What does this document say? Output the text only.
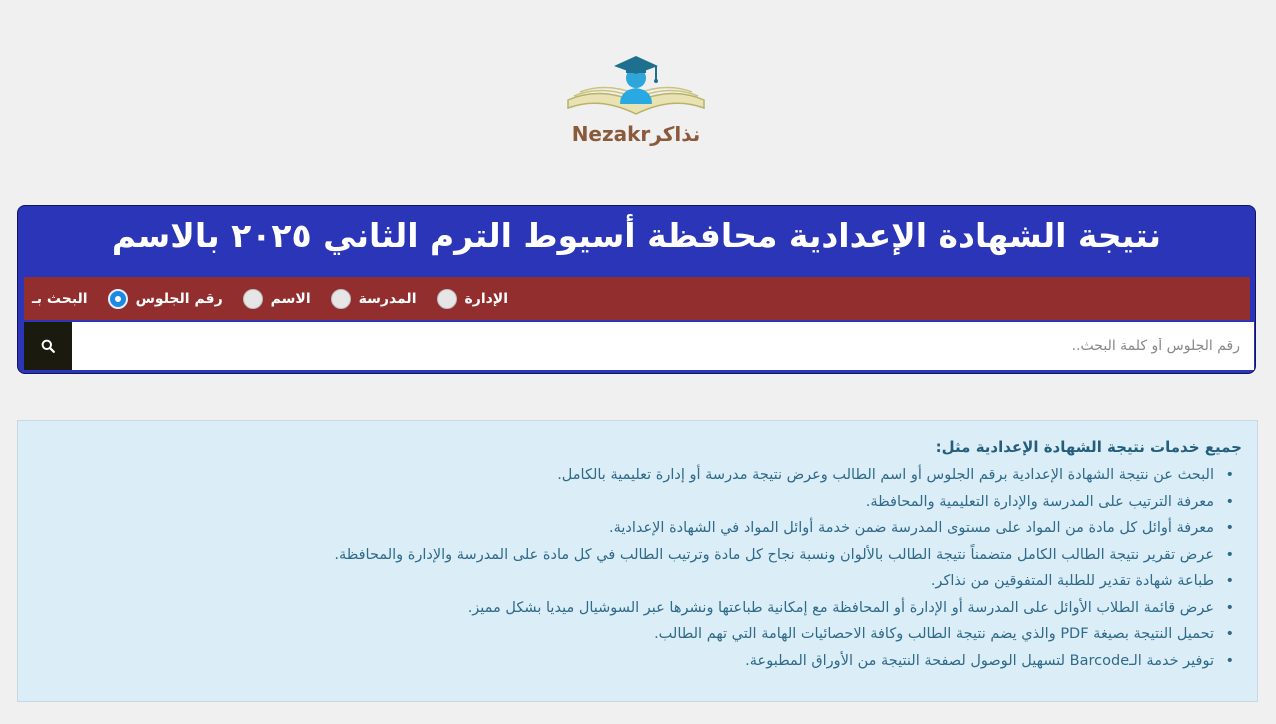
Nezakrنذاكر
نتيجة الشهادة الإعدادية محافظة أسيوط الترم الثاني ٢٠٢٥ بالاسم
البحث بـ	رقم الجلوس	الاسم	المدرسة	الإدارة
رقم الجلوس أو كلمة البحث..
جميع خدمات نتيجة الشهادة الإعدادية مثل:
• البحث عن نتيجة الشهادة الإعدادية برقم الجلوس أو اسم الطالب وعرض نتيجة مدرسة أو إدارة تعليمية بالكامل.
• معرفة الترتيب على المدرسة والإدارة التعليمية والمحافظة.
• معرفة أوائل كل مادة من المواد على مستوى المدرسة ضمن خدمة أوائل المواد في الشهادة الإعدادية.
• عرض تقرير نتيجة الطالب الكامل متضمناً نتيجة الطالب بالألوان ونسبة نجاح كل مادة وترتيب الطالب في كل مادة على المدرسة والإدارة والمحافظة.
• طباعة شهادة تقدير للطلبة المتفوقين من نذاكر.
• عرض قائمة الطلاب الأوائل على المدرسة أو الإدارة أو المحافظة مع إمكانية طباعتها ونشرها عبر السوشيال ميديا بشكل مميز.
• تحميل النتيجة بصيغة PDF والذي يضم نتيجة الطالب وكافة الاحصائيات الهامة التي تهم الطالب.
• توفير خدمة الـBarcode لتسهيل الوصول لصفحة النتيجة من الأوراق المطبوعة.
